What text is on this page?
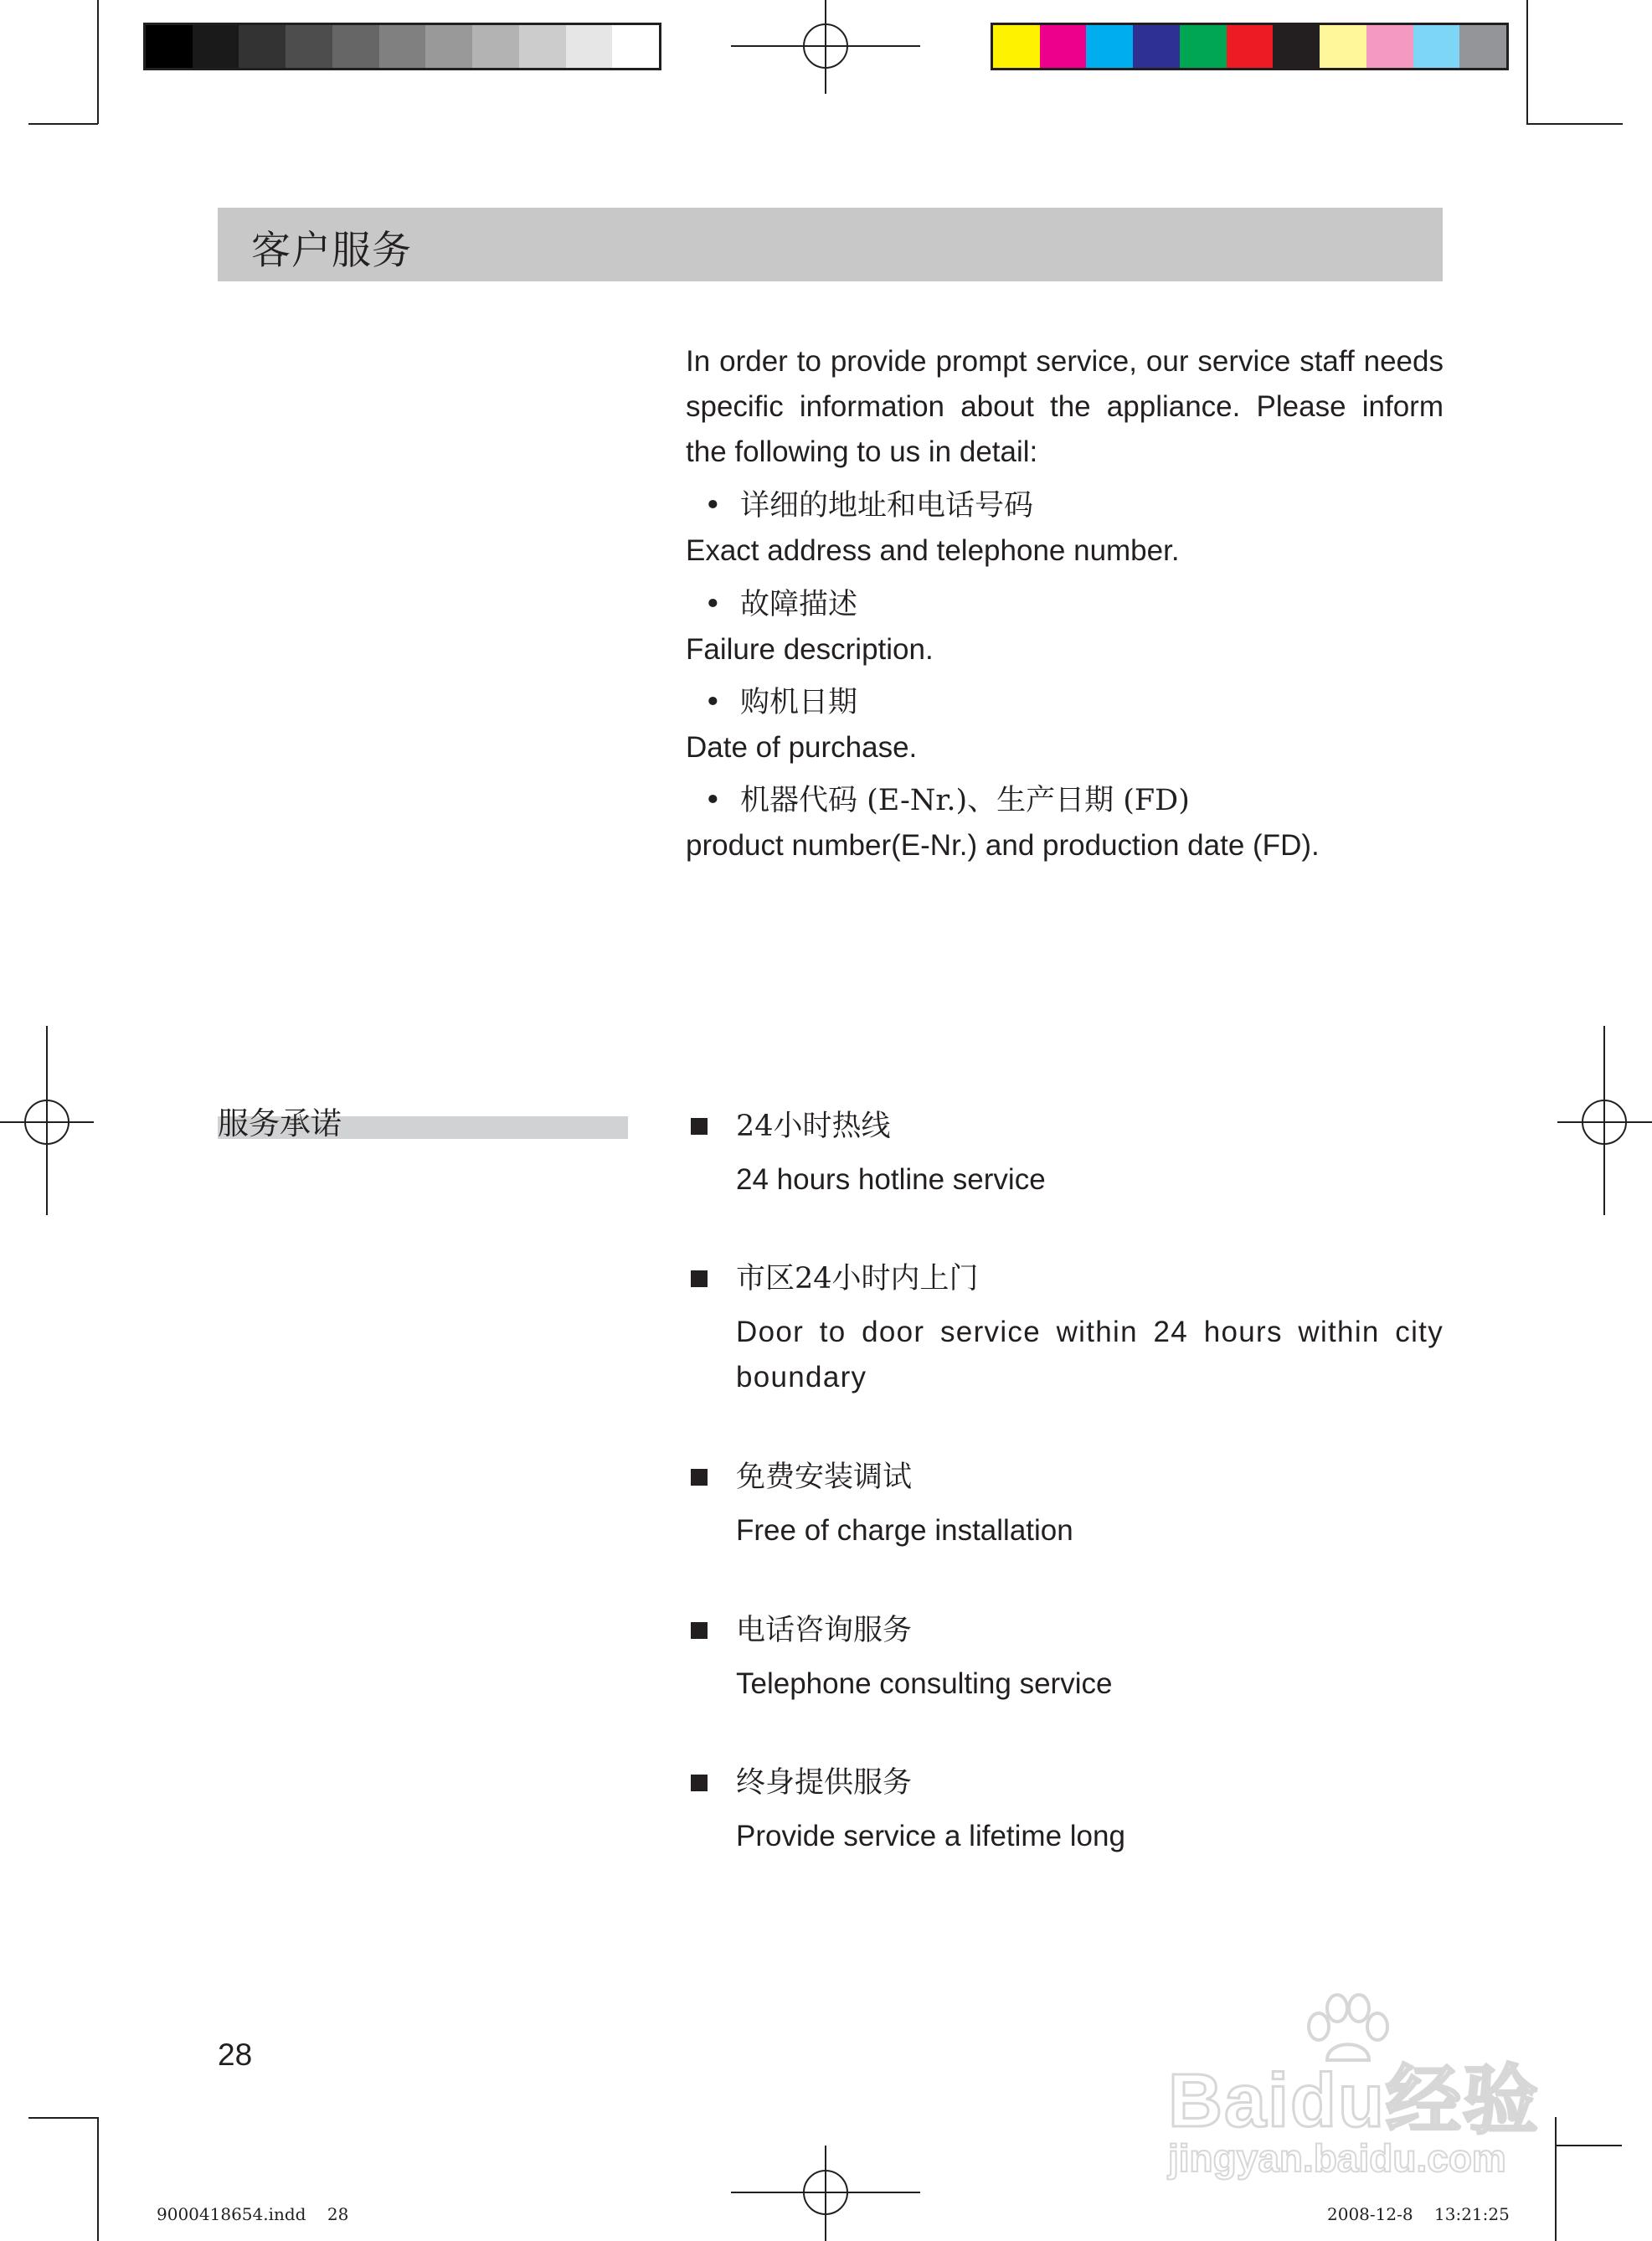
客户服务
In order to provide prompt service, our service staff needs specific information about the appliance. Please inform the following to us in detail:
• 详细的地址和电话号码
Exact address and telephone number.
• 故障描述
Failure description.
• 购机日期
Date of purchase.
• 机器代码 (E-Nr.)、生产日期 (FD)
product number(E-Nr.) and production date (FD).
服务承诺	24小时热线
24 hours hotline service
市区24小时内上门
Door to door service within 24 hours within city boundary
免费安装调试
Free of charge installation
电话咨询服务
Telephone consulting service
终身提供服务
Provide service a lifetime long
28
9000418654.indd    28	2008-12-8    13:21:25
Baidu经验
jingyan.baidu.com
